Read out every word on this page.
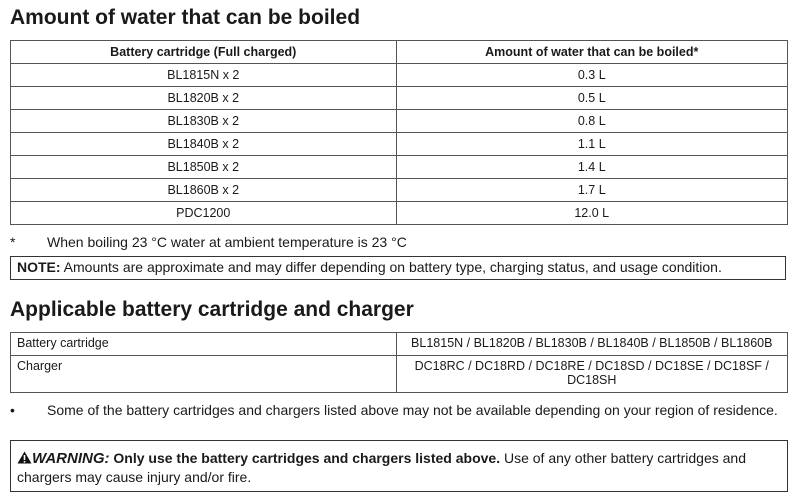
Amount of water that can be boiled
Battery cartridge (Full charged)	Amount of water that can be boiled*
BL1815N x 2	0.3 L
BL1820B x 2	0.5 L
BL1830B x 2	0.8 L
BL1840B x 2	1.1 L
BL1850B x 2	1.4 L
BL1860B x 2	1.7 L
PDC1200	12.0 L
* When boiling 23 °C water at ambient temperature is 23 °C
NOTE: Amounts are approximate and may differ depending on battery type, charging status, and usage condition.
Applicable battery cartridge and charger
Battery cartridge	BL1815N / BL1820B / BL1830B / BL1840B / BL1850B / BL1860B
Charger	DC18RC / DC18RD / DC18RE / DC18SD / DC18SE / DC18SF / DC18SH
• Some of the battery cartridges and chargers listed above may not be available depending on your region of residence.
WARNING: Only use the battery cartridges and chargers listed above. Use of any other battery cartridges and chargers may cause injury and/or fire.
